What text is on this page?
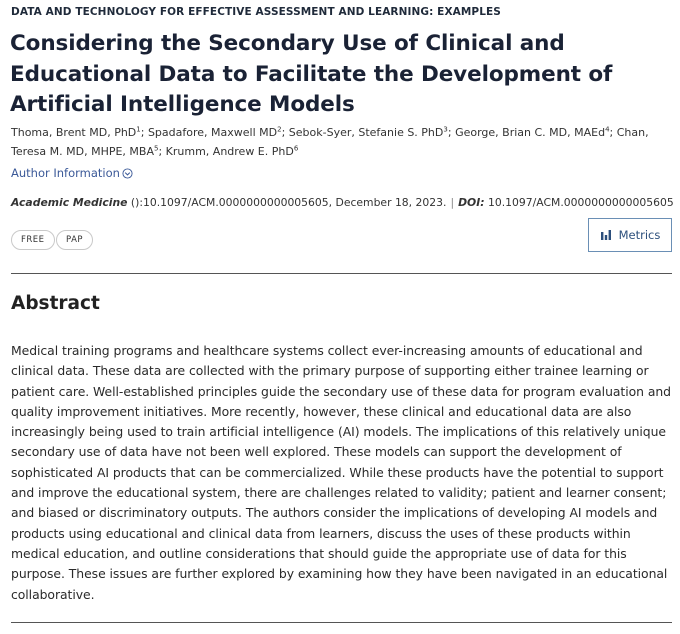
DATA AND TECHNOLOGY FOR EFFECTIVE ASSESSMENT AND LEARNING: EXAMPLES
Considering the Secondary Use of Clinical and Educational Data to Facilitate the Development of Artificial Intelligence Models
Thoma, Brent MD, PhD$^1$; Spadafore, Maxwell $MD^2$; Sebok-Syer, Stefanie S. PhD$^3$; George, Brian C. MD, MAEd$^4$; Chan, Teresa M. MD, MHPE, MBA$^5$; Krumm, Andrew E. PhD$^6$
Author Information
Academic Medicine ():10.1097/ACM.0000000000005605, December 18, 2023. | DOI: 10.1097/ACM.0000000000005605
FREE	PAP	Metrics
Abstract

Medical training programs and healthcare systems collect ever-increasing amounts of educational and clinical data. These data are collected with the primary purpose of supporting either trainee learning or patient care. Well-established principles guide the secondary use of these data for program evaluation and quality improvement initiatives. More recently, however, these clinical and educational data are also increasingly being used to train artificial intelligence (AI) models. The implications of this relatively unique secondary use of data have not been well explored. These models can support the development of sophisticated AI products that can be commercialized. While these products have the potential to support and improve the educational system, there are challenges related to validity; patient and learner consent; and biased or discriminatory outputs. The authors consider the implications of developing AI models and products using educational and clinical data from learners, discuss the uses of these products within medical education, and outline considerations that should guide the appropriate use of data for this purpose. These issues are further explored by examining how they have been navigated in an educational collaborative.
